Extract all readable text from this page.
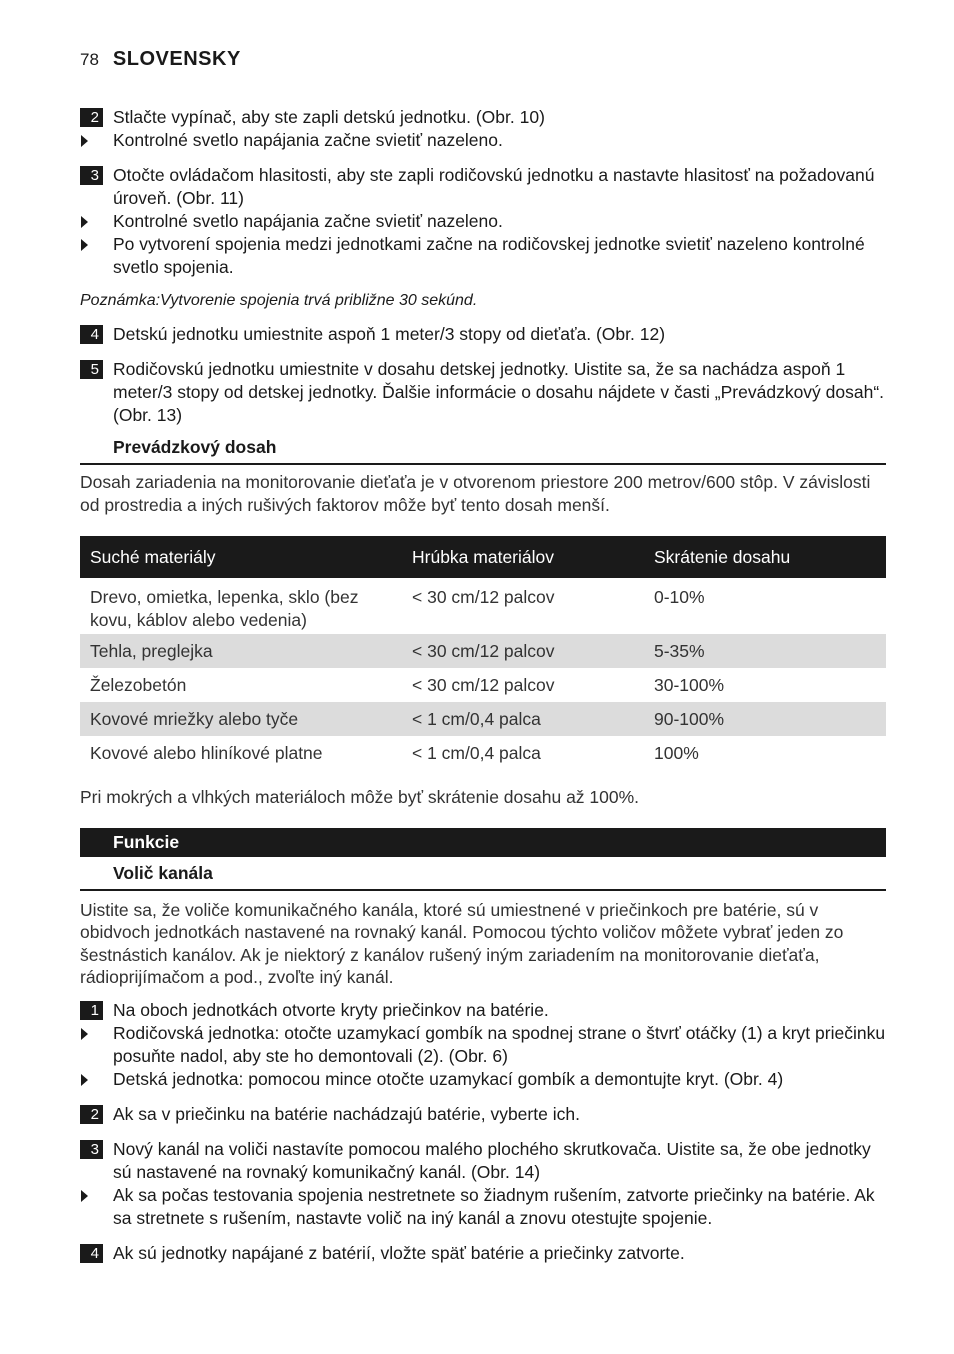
78 SLOVENSKY
2 Stlačte vypínač, aby ste zapli detskú jednotku. (Obr. 10)
Kontrolné svetlo napájania začne svietiť nazeleno.
3 Otočte ovládačom hlasitosti, aby ste zapli rodičovskú jednotku a nastavte hlasitosť na požadovanú úroveň. (Obr. 11)
Kontrolné svetlo napájania začne svietiť nazeleno.
Po vytvorení spojenia medzi jednotkami začne na rodičovskej jednotke svietiť nazeleno kontrolné svetlo spojenia.
Poznámka:Vytvorenie spojenia trvá približne 30 sekúnd.
4 Detskú jednotku umiestnite aspoň 1 meter/3 stopy od dieťaťa. (Obr. 12)
5 Rodičovskú jednotku umiestnite v dosahu detskej jednotky. Uistite sa, že sa nachádza aspoň 1 meter/3 stopy od detskej jednotky. Ďalšie informácie o dosahu nájdete v časti „Prevádzkový dosah“. (Obr. 13)
Prevádzkový dosah
Dosah zariadenia na monitorovanie dieťaťa je v otvorenom priestore 200 metrov/600 stôp. V závislosti od prostredia a iných rušivých faktorov môže byť tento dosah menší.
Suché materiály	Hrúbka materiálov	Skrátenie dosahu
Drevo, omietka, lepenka, sklo (bez kovu, káblov alebo vedenia)	< 30 cm/12 palcov	0-10%
Tehla, preglejka	< 30 cm/12 palcov	5-35%
Železobetón	< 30 cm/12 palcov	30-100%
Kovové mriežky alebo tyče	< 1 cm/0,4 palca	90-100%
Kovové alebo hliníkové platne	< 1 cm/0,4 palca	100%
Pri mokrých a vlhkých materiáloch môže byť skrátenie dosahu až 100%.
Funkcie
Volič kanála
Uistite sa, že voliče komunikačného kanála, ktoré sú umiestnené v priečinkoch pre batérie, sú v obidvoch jednotkách nastavené na rovnaký kanál. Pomocou týchto voličov môžete vybrať jeden zo šestnástich kanálov. Ak je niektorý z kanálov rušený iným zariadením na monitorovanie dieťaťa, rádioprijímačom a pod., zvoľte iný kanál.
1 Na oboch jednotkách otvorte kryty priečinkov na batérie.
Rodičovská jednotka: otočte uzamykací gombík na spodnej strane o štvrť otáčky (1) a kryt priečinku posuňte nadol, aby ste ho demontovali (2). (Obr. 6)
Detská jednotka: pomocou mince otočte uzamykací gombík a demontujte kryt. (Obr. 4)
2 Ak sa v priečinku na batérie nachádzajú batérie, vyberte ich.
3 Nový kanál na voliči nastavíte pomocou malého plochého skrutkovača. Uistite sa, že obe jednotky sú nastavené na rovnaký komunikačný kanál. (Obr. 14)
Ak sa počas testovania spojenia nestretnete so žiadnym rušením, zatvorte priečinky na batérie. Ak sa stretnete s rušením, nastavte volič na iný kanál a znovu otestujte spojenie.
4 Ak sú jednotky napájané z batérií, vložte späť batérie a priečinky zatvorte.
